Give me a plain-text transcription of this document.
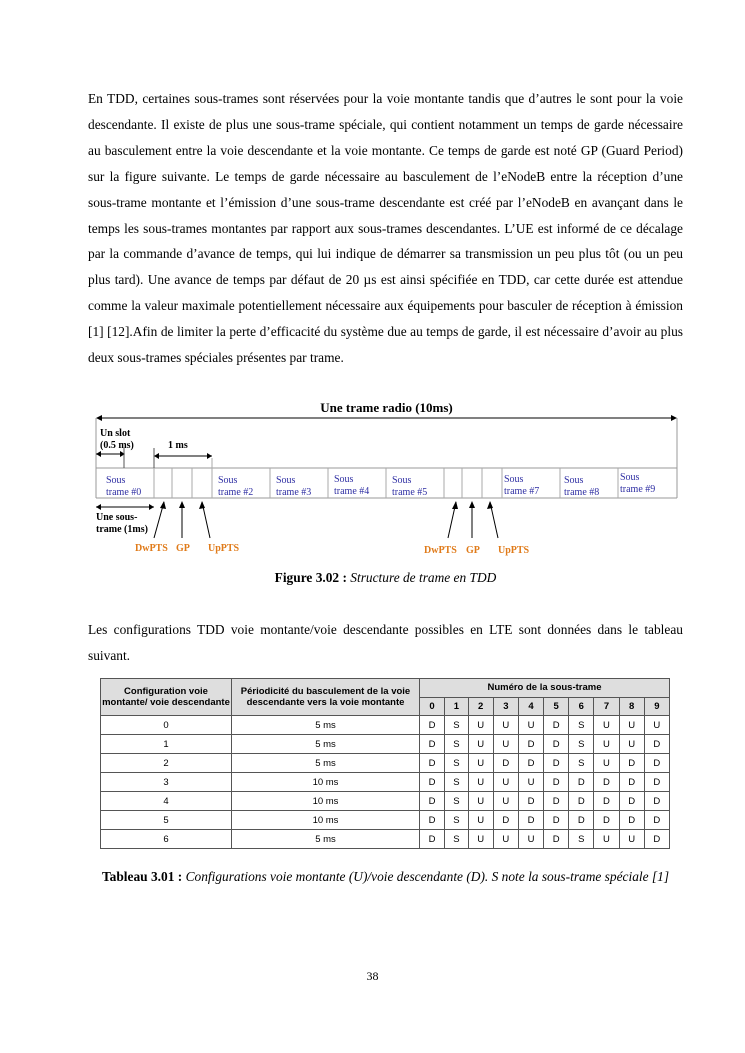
En TDD, certaines sous-trames sont réservées pour la voie montante tandis que d’autres le sont pour la voie descendante. Il existe de plus une sous-trame spéciale, qui contient notamment un temps de garde nécessaire au basculement entre la voie descendante et la voie montante. Ce temps de garde est noté GP (Guard Period) sur la figure suivante. Le temps de garde nécessaire au basculement de l’eNodeB entre la réception d’une sous-trame montante et l’émission d’une sous-trame descendante est créé par l’eNodeB en avançant dans le temps les sous-trames montantes par rapport aux sous-trames descendantes. L’UE est informé de ce décalage par la commande d’avance de temps, qui lui indique de démarrer sa transmission un peu plus tôt (ou un peu plus tard). Une avance de temps par défaut de 20 µs est ainsi spécifiée en TDD, car cette durée est attendue comme la valeur maximale potentiellement nécessaire aux équipements pour basculer de réception à émission [1] [12].Afin de limiter la perte d’efficacité du système due au temps de garde, il est nécessaire d’avoir au plus deux sous-trames spéciales présentes par trame.

Une trame radio (10ms)
Un slot
(0.5 ms)	1 ms
Sous
trame #0
Sous
trame #2
Sous
trame #3
Sous
trame #4
Sous
trame #5
Sous
trame #7
Sous
trame #8
Sous
trame #9
Une sous-
trame (1ms)
DwPTS GP UpPTS	DwPTS GP UpPTS

Figure 3.02 : Structure de trame en TDD

Les configurations TDD voie montante/voie descendante possibles en LTE sont données dans le tableau suivant.

Configuration voie montante/ voie descendante	Périodicité du basculement de la voie descendante vers la voie montante	Numéro de la sous-trame									
		0	1	2	3	4	5	6	7	8	9
0	5 ms	D	S	U	U	U	D	S	U	U	U
1	5 ms	D	S	U	U	D	D	S	U	U	D
2	5 ms	D	S	U	D	D	D	S	U	D	D
3	10 ms	D	S	U	U	U	D	D	D	D	D
4	10 ms	D	S	U	U	D	D	D	D	D	D
5	10 ms	D	S	U	D	D	D	D	D	D	D
6	5 ms	D	S	U	U	U	D	S	U	U	D

Tableau 3.01 : Configurations voie montante (U)/voie descendante (D). S note la sous-trame spéciale [1]

38
